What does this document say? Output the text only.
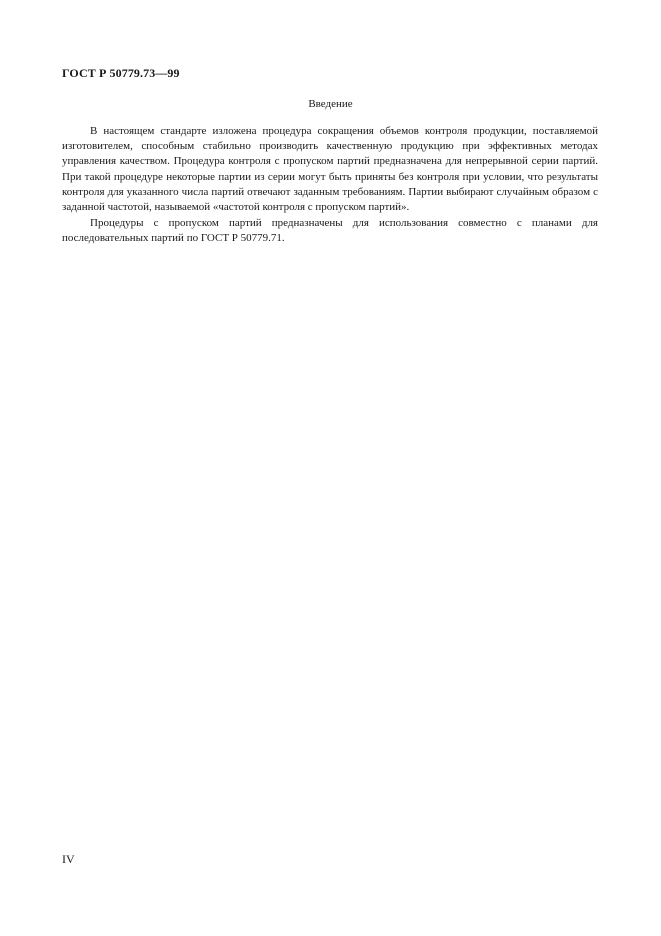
ГОСТ Р 50779.73—99
Введение

В настоящем стандарте изложена процедура сокращения объемов контроля продукции, поставляемой изготовителем, способным стабильно производить качественную продукцию при эффективных методах управления качеством. Процедура контроля с пропуском партий предназначена для непрерывной серии партий. При такой процедуре некоторые партии из серии могут быть приняты без контроля при условии, что результаты контроля для указанного числа партий отвечают заданным требованиям. Партии выбирают случайным образом с заданной частотой, называемой «частотой контроля с пропуском партий».

Процедуры с пропуском партий предназначены для использования совместно с планами для последовательных партий по ГОСТ Р 50779.71.

IV
